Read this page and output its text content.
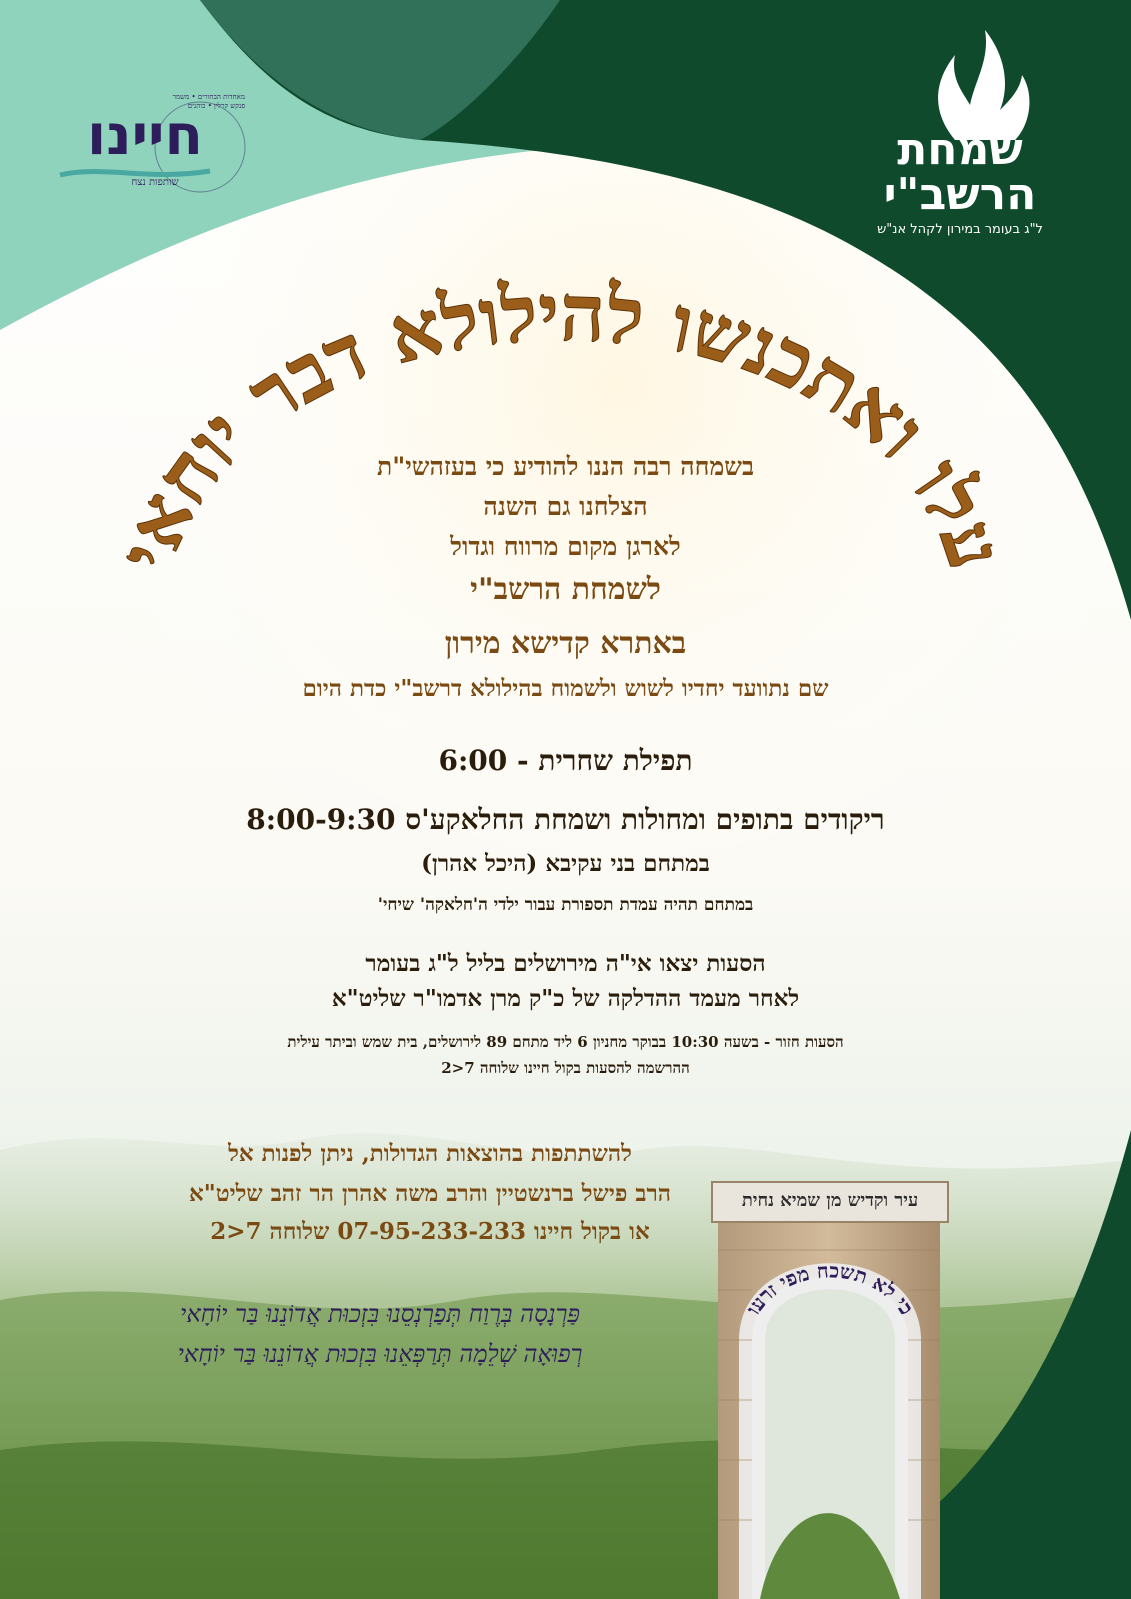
שמחת
הרשב"י
ל"ג בעומר במירון לקהל אנ"ש
מאחדות הבחורים • משמר פנקש קרלין • כוהנים
חיינו
שותפות נצח
עלו ואתכנשו להילולא דבר יוחאי
בשמחה רבה הננו להודיע כי בעזהשי"ת
הצלחנו גם השנה
לארגן מקום מרווח וגדול
לשמחת הרשב"י
באתרא קדישא מירון
שם נתוועד יחדיו לשוש ולשמוח בהילולא דרשב"י כדת היום
תפילת שחרית - 6:00
ריקודים בתופים ומחולות ושמחת החלאקע'ס 8:00-9:30
במתחם בני עקיבא (היכל אהרן)
במתחם תהיה עמדת תספורת עבור ילדי ה'חלאקה' שיחי'
הסעות יצאו אי"ה מירושלים בליל ל"ג בעומר
לאחר מעמד ההדלקה של כ"ק מרן אדמו"ר שליט"א
הסעות חזור - בשעה 10:30 בבוקר מחניון 6 ליד מתחם 89 לירושלים, בית שמש וביתר עילית
ההרשמה להסעות בקול חיינו שלוחה 7<2
להשתתפות בהוצאות הגדולות, ניתן לפנות אל
הרב פישל ברנשטיין והרב משה אהרן הר זהב שליט"א
או בקול חיינו 07-95-233-233 שלוחה 7<2
פַּרְנָסָה בְּרֶוַח תְּפַרְנְסֵנוּ בִּזְכוּת אֲדוֹנֵנוּ בַּר יוֹחָאי
רְפוּאָה שְׁלֵמָה תְּרַפְּאֵנוּ בִּזְכוּת אֲדוֹנֵנוּ בַּר יוֹחָאי
עיר וקדיש מן שמיא נחית
כי לא תשכח מפי זרעו
